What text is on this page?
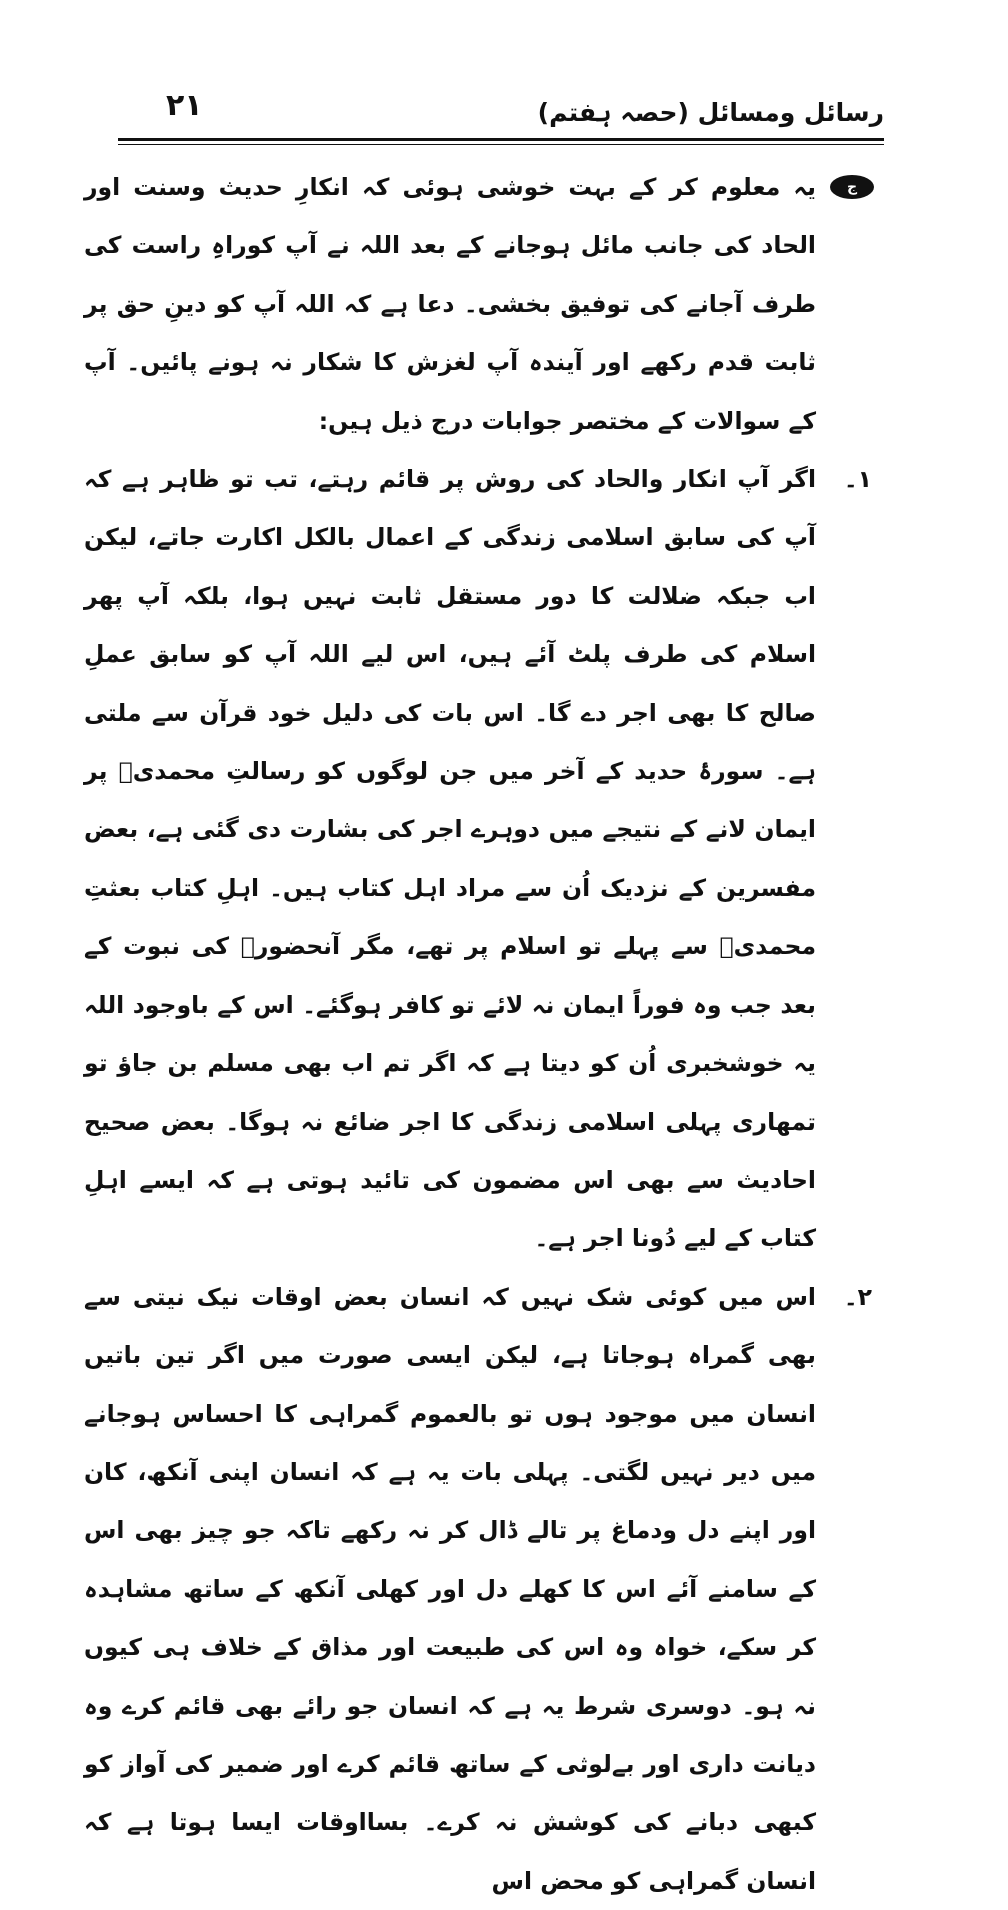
رسائل ومسائل (حصہ ہفتم)
۲۱

ج
یہ معلوم کر کے بہت خوشی ہوئی کہ انکارِ حدیث وسنت اور الحاد کی جانب مائل ہوجانے کے بعد اللہ نے آپ کوراہِ راست کی طرف آجانے کی توفیق بخشی۔ دعا ہے کہ اللہ آپ کو دینِ حق پر ثابت قدم رکھے اور آیندہ آپ لغزش کا شکار نہ ہونے پائیں۔ آپ کے سوالات کے مختصر جوابات درج ذیل ہیں:

۱۔
اگر آپ انکار والحاد کی روش پر قائم رہتے، تب تو ظاہر ہے کہ آپ کی سابق اسلامی زندگی کے اعمال بالکل اکارت جاتے، لیکن اب جبکہ ضلالت کا دور مستقل ثابت نہیں ہوا، بلکہ آپ پھر اسلام کی طرف پلٹ آئے ہیں، اس لیے اللہ آپ کو سابق عملِ صالح کا بھی اجر دے گا۔ اس بات کی دلیل خود قرآن سے ملتی ہے۔ سورۂ حدید کے آخر میں جن لوگوں کو رسالتِ محمدیؐ پر ایمان لانے کے نتیجے میں دوہرے اجر کی بشارت دی گئی ہے، بعض مفسرین کے نزدیک اُن سے مراد اہل کتاب ہیں۔ اہلِ کتاب بعثتِ محمدیؐ سے پہلے تو اسلام پر تھے، مگر آنحضورؐ کی نبوت کے بعد جب وہ فوراً ایمان نہ لائے تو کافر ہوگئے۔ اس کے باوجود اللہ یہ خوشخبری اُن کو دیتا ہے کہ اگر تم اب بھی مسلم بن جاؤ تو تمھاری پہلی اسلامی زندگی کا اجر ضائع نہ ہوگا۔ بعض صحیح احادیث سے بھی اس مضمون کی تائید ہوتی ہے کہ ایسے اہلِ کتاب کے لیے دُونا اجر ہے۔

۲۔
اس میں کوئی شک نہیں کہ انسان بعض اوقات نیک نیتی سے بھی گمراہ ہوجاتا ہے، لیکن ایسی صورت میں اگر تین باتیں انسان میں موجود ہوں تو بالعموم گمراہی کا احساس ہوجانے میں دیر نہیں لگتی۔ پہلی بات یہ ہے کہ انسان اپنی آنکھ، کان اور اپنے دل ودماغ پر تالے ڈال کر نہ رکھے تاکہ جو چیز بھی اس کے سامنے آئے اس کا کھلے دل اور کھلی آنکھ کے ساتھ مشاہدہ کر سکے، خواہ وہ اس کی طبیعت اور مذاق کے خلاف ہی کیوں نہ ہو۔ دوسری شرط یہ ہے کہ انسان جو رائے بھی قائم کرے وہ دیانت داری اور بےلوثی کے ساتھ قائم کرے اور ضمیر کی آواز کو کبھی دبانے کی کوشش نہ کرے۔ بسااوقات ایسا ہوتا ہے کہ انسان گمراہی کو محض اس
